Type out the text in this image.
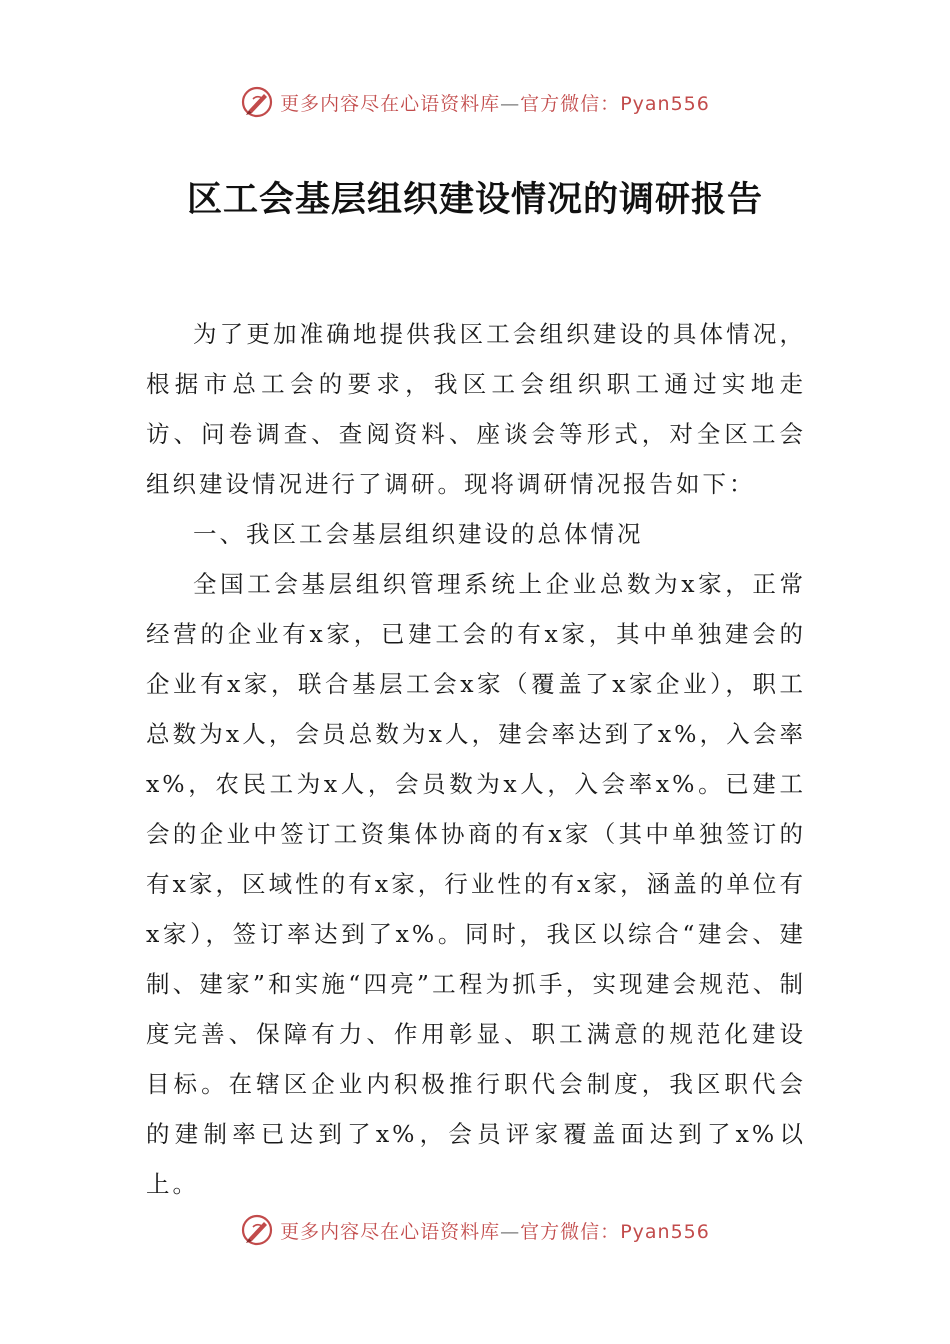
更多内容尽在心语资料库—官方微信：Pyan556
区工会基层组织建设情况的调研报告

为了更加准确地提供我区工会组织建设的具体情况，根据市总工会的要求，我区工会组织职工通过实地走访、问卷调查、查阅资料、座谈会等形式，对全区工会组织建设情况进行了调研。现将调研情况报告如下：

一、我区工会基层组织建设的总体情况

全国工会基层组织管理系统上企业总数为x家，正常经营的企业有x家，已建工会的有x家，其中单独建会的企业有x家，联合基层工会x家（覆盖了x家企业），职工总数为x人，会员总数为x人，建会率达到了x%，入会率x%，农民工为x人，会员数为x人，入会率x%。已建工会的企业中签订工资集体协商的有x家（其中单独签订的有x家，区域性的有x家，行业性的有x家，涵盖的单位有x家），签订率达到了x%。同时，我区以综合“建会、建制、建家”和实施“四亮”工程为抓手，实现建会规范、制度完善、保障有力、作用彰显、职工满意的规范化建设目标。在辖区企业内积极推行职代会制度，我区职代会的建制率已达到了x%，会员评家覆盖面达到了x%以上。

更多内容尽在心语资料库—官方微信：Pyan556
